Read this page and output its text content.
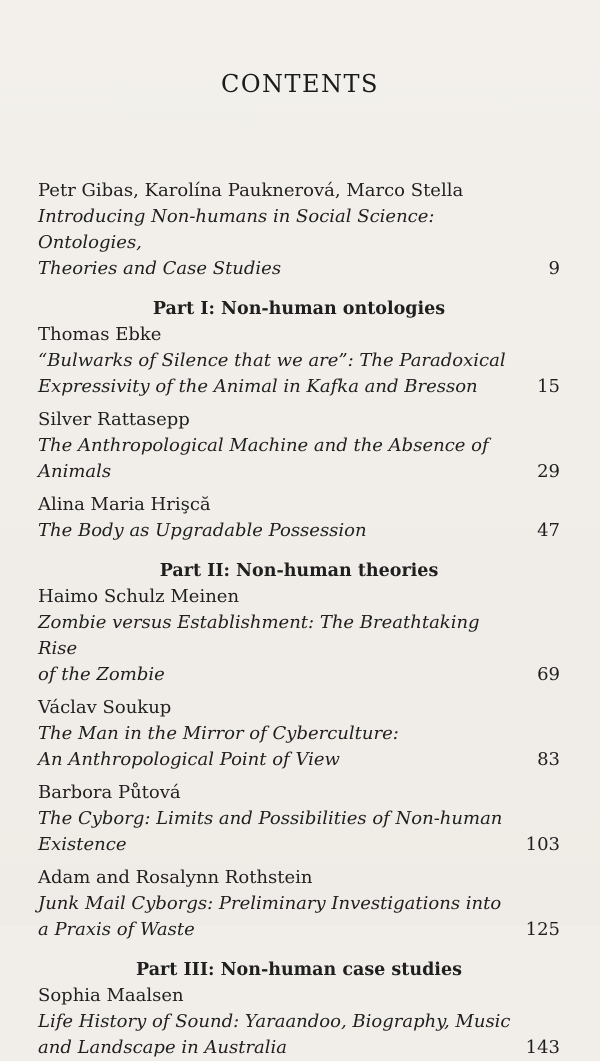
CONTENTS
Petr Gibas, Karolína Pauknerová, Marco Stella
Introducing Non-humans in Social Science: Ontologies,
Theories and Case Studies	9
Part I: Non-human ontologies
Thomas Ebke
“Bulwarks of Silence that we are”: The Paradoxical
Expressivity of the Animal in Kafka and Bresson	15
Silver Rattasepp
The Anthropological Machine and the Absence of Animals	29
Alina Maria Hrişcă
The Body as Upgradable Possession	47
Part II: Non-human theories
Haimo Schulz Meinen
Zombie versus Establishment: The Breathtaking Rise
of the Zombie	69
Václav Soukup
The Man in the Mirror of Cyberculture:
An Anthropological Point of View	83
Barbora Půtová
The Cyborg: Limits and Possibilities of Non-human Existence	103
Adam and Rosalynn Rothstein
Junk Mail Cyborgs: Preliminary Investigations into
a Praxis of Waste	125
Part III: Non-human case studies
Sophia Maalsen
Life History of Sound: Yaraandoo, Biography, Music
and Landscape in Australia	143
